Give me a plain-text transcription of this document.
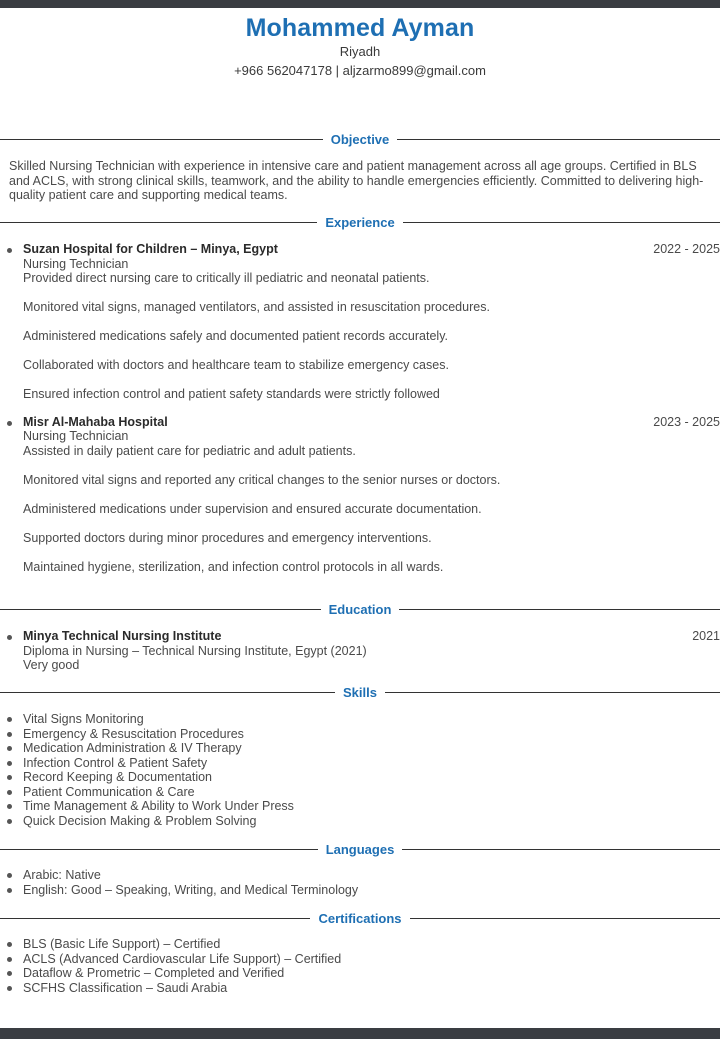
Mohammed Ayman
Riyadh
+966 562047178 | aljzarmo899@gmail.com
Objective
Skilled Nursing Technician with experience in intensive care and patient management across all age groups. Certified in BLS and ACLS, with strong clinical skills, teamwork, and the ability to handle emergencies efficiently. Committed to delivering high-quality patient care and supporting medical teams.
Experience
Suzan Hospital for Children – Minya, Egypt	2022 - 2025
Nursing Technician
Provided direct nursing care to critically ill pediatric and neonatal patients.
Monitored vital signs, managed ventilators, and assisted in resuscitation procedures.
Administered medications safely and documented patient records accurately.
Collaborated with doctors and healthcare team to stabilize emergency cases.
Ensured infection control and patient safety standards were strictly followed
Misr Al-Mahaba Hospital	2023 - 2025
Nursing Technician
Assisted in daily patient care for pediatric and adult patients.
Monitored vital signs and reported any critical changes to the senior nurses or doctors.
Administered medications under supervision and ensured accurate documentation.
Supported doctors during minor procedures and emergency interventions.
Maintained hygiene, sterilization, and infection control protocols in all wards.
Education
Minya Technical Nursing Institute	2021
Diploma in Nursing – Technical Nursing Institute, Egypt (2021)
Very good
Skills
Vital Signs Monitoring
Emergency & Resuscitation Procedures
Medication Administration & IV Therapy
Infection Control & Patient Safety
Record Keeping & Documentation
Patient Communication & Care
Time Management & Ability to Work Under Press
Quick Decision Making & Problem Solving
Languages
Arabic: Native
English: Good – Speaking, Writing, and Medical Terminology
Certifications
BLS (Basic Life Support) – Certified
ACLS (Advanced Cardiovascular Life Support) – Certified
Dataflow & Prometric – Completed and Verified
SCFHS Classification – Saudi Arabia
